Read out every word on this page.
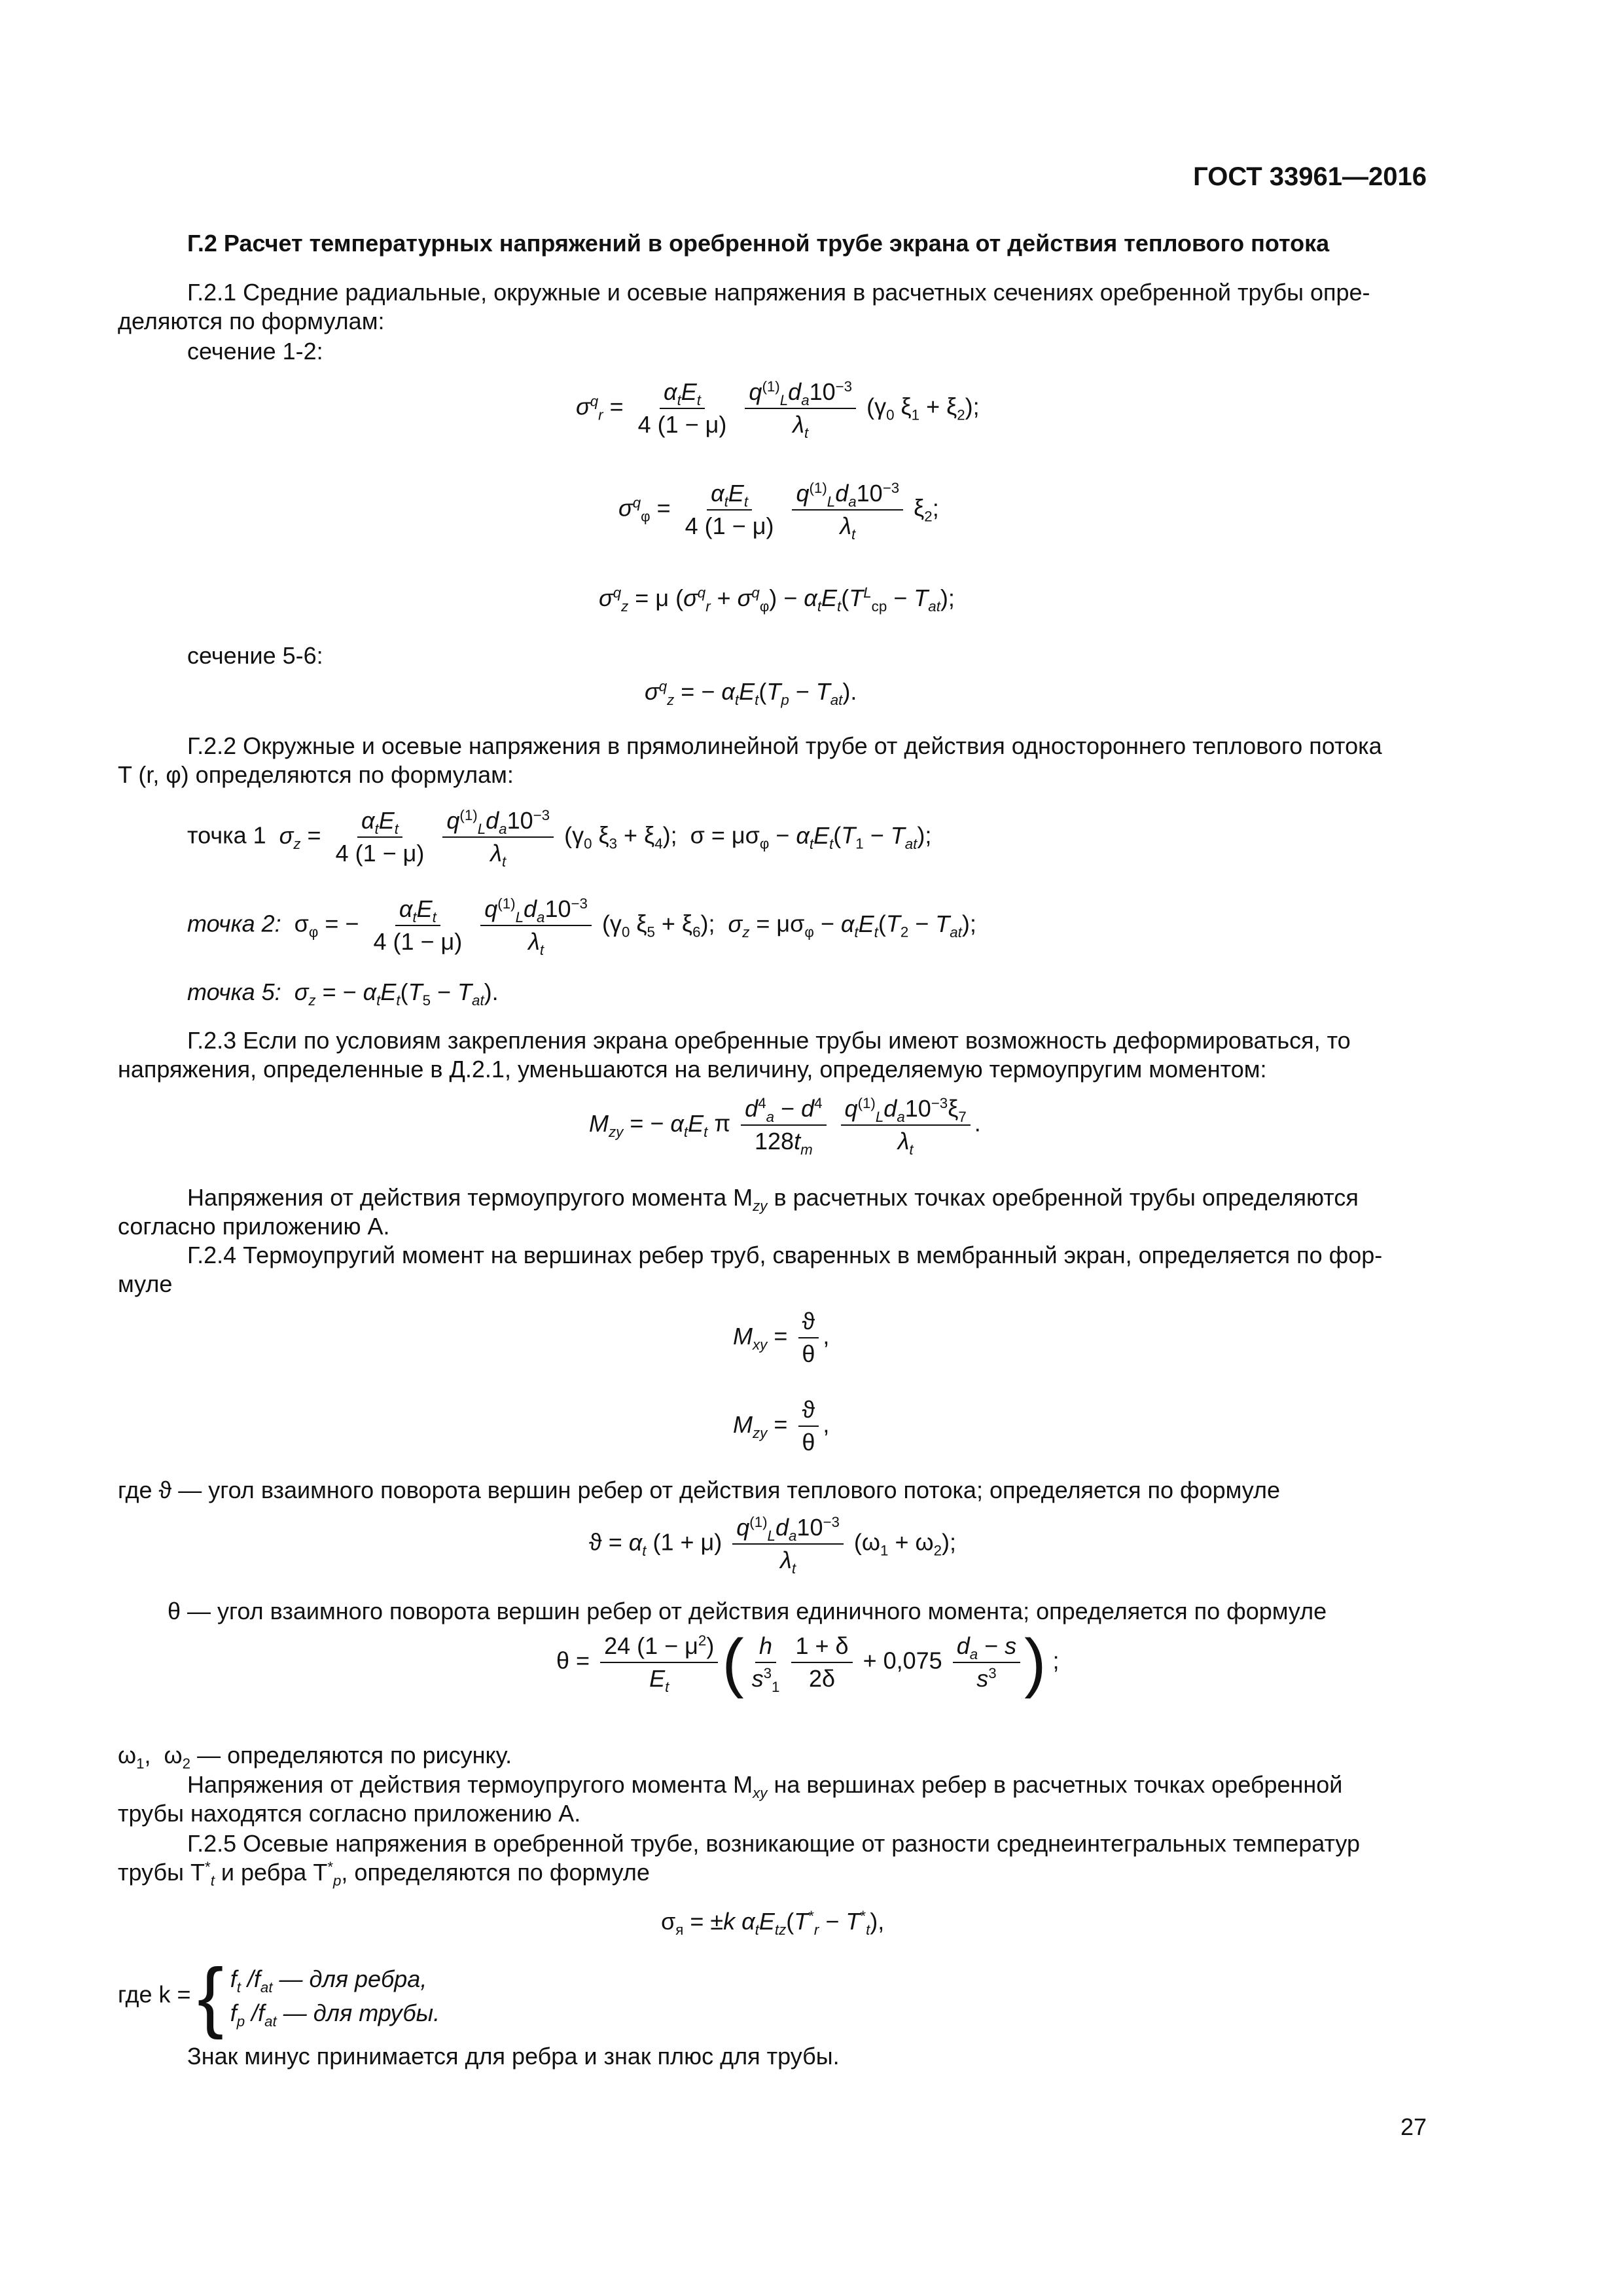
ГОСТ 33961—2016
Г.2 Расчет температурных напряжений в оребренной трубе экрана от действия теплового потока
Г.2.1 Средние радиальные, окружные и осевые напряжения в расчетных сечениях оребренной трубы опре-
деляются по формулам:
сечение 1-2:
$\sigma^q_r = \frac{\alpha_tE_t}{4 (1 - \mu)}$
$\frac{q^{(1)}_Ld_a10^{-3}}{\lambda_t} (\gamma_0$ $\xi_1 + \xi_2$);
$\sigma^q_\varphi = \frac{\alpha_tE_t}{4 (1 - \mu)}$
$\frac{q^{(1)}_Ld_a10^{-3}}{\lambda_t} \xi_2$;
$\sigma^q_z = \mu$ $(\sigma^q_r + \sigma^q_\varphi) - \alpha_tE_t(T^L_{ср} - T_{at})$;
сечение 5-6:
$\sigma^q_z$ = − $\alpha_tE_t(T_p - T_{at})$.
Г.2.2 Окружные и осевые напряжения в прямолинейной трубе от действия одностороннего теплового потока
T (r, φ) определяются по формулам:
точка 1 $\sigma_z = \frac{\alpha_tE_t}{4 (1 - \mu)}$
$\frac{q^{(1)}_Ld_a10^{-3}}{\lambda_t} (\gamma_0$ $\xi_3 + \xi_4$);  $\sigma = \mu\sigma_\varphi - \alpha_tE_t(T_1 - T_{at})$;
точка 2:  $\sigma_\varphi$ = − $\frac{\alpha_tE_t}{4 (1 - \mu)}$
$\frac{q^{(1)}_Ld_a10^{-3}}{\lambda_t} (\gamma_0$ $\xi_5 + \xi_6$);  $\sigma_z = \mu\sigma_\varphi - \alpha_tE_t(T_2 - T_{at})$;
точка 5: $\sigma_z$ = − $\alpha_tE_t(T_5 - T_{at})$.
Г.2.3 Если по условиям закрепления экрана оребренные трубы имеют возможность деформироваться, то
напряжения, определенные в Д.2.1, уменьшаются на величину, определяемую термоупругим моментом:
$M_{zy}$ = − $\alpha_tE_t$ π $\frac{d^4_a - d^4}{128t_m}$
$\frac{q^{(1)}_Ld_a10^{-3}\xi_7}{\lambda_t}$ .
Напряжения от действия термоупругого момента $M_{zy}$ в расчетных точках оребренной трубы определяются
согласно приложению А.
Г.2.4 Термоупругий момент на вершинах ребер труб, сваренных в мембранный экран, определяется по фор-
муле
$M_{xy} = \frac{ϑ}{\theta}$ ,
$M_{zy} = \frac{ϑ}{\theta}$ ,
где ϑ — угол взаимного поворота вершин ребер от действия теплового потока; определяется по формуле
$ϑ = \alpha_t$ $(1 + \mu) \frac{q^{(1)}_Ld_a10^{-3}}{\lambda_t} (\omega_1 + \omega_2)$;
θ — угол взаимного поворота вершин ребер от действия единичного момента; определяется по формуле
$\theta = \frac{24 (1 - \mu^2)}{E_t}$ ( $\frac{h}{s^3_1} \frac{1 + \delta}{2\delta} + 0,075 \frac{d_a - s}{s^3}$ ) ;
$\omega_1$,  $\omega_2$ — определяются по рисунку.
Напряжения от действия термоупругого момента $M_{xy}$ на вершинах ребер в расчетных точках оребренной
трубы находятся согласно приложению А.
Г.2.5 Осевые напряжения в оребренной трубе, возникающие от разности среднеинтегральных температур
трубы $T^*_t$ и ребра $T^*_p$, определяются по формуле
$\sigma_я = \pm k$ $\alpha_tE_{tz}(T^*_r - T^*_t)$,
где k = { $f_t$ $/f_{at}$ — для ребра,
$f_p$ $/f_{at}$ — для трубы.
Знак минус принимается для ребра и знак плюс для трубы.
27
